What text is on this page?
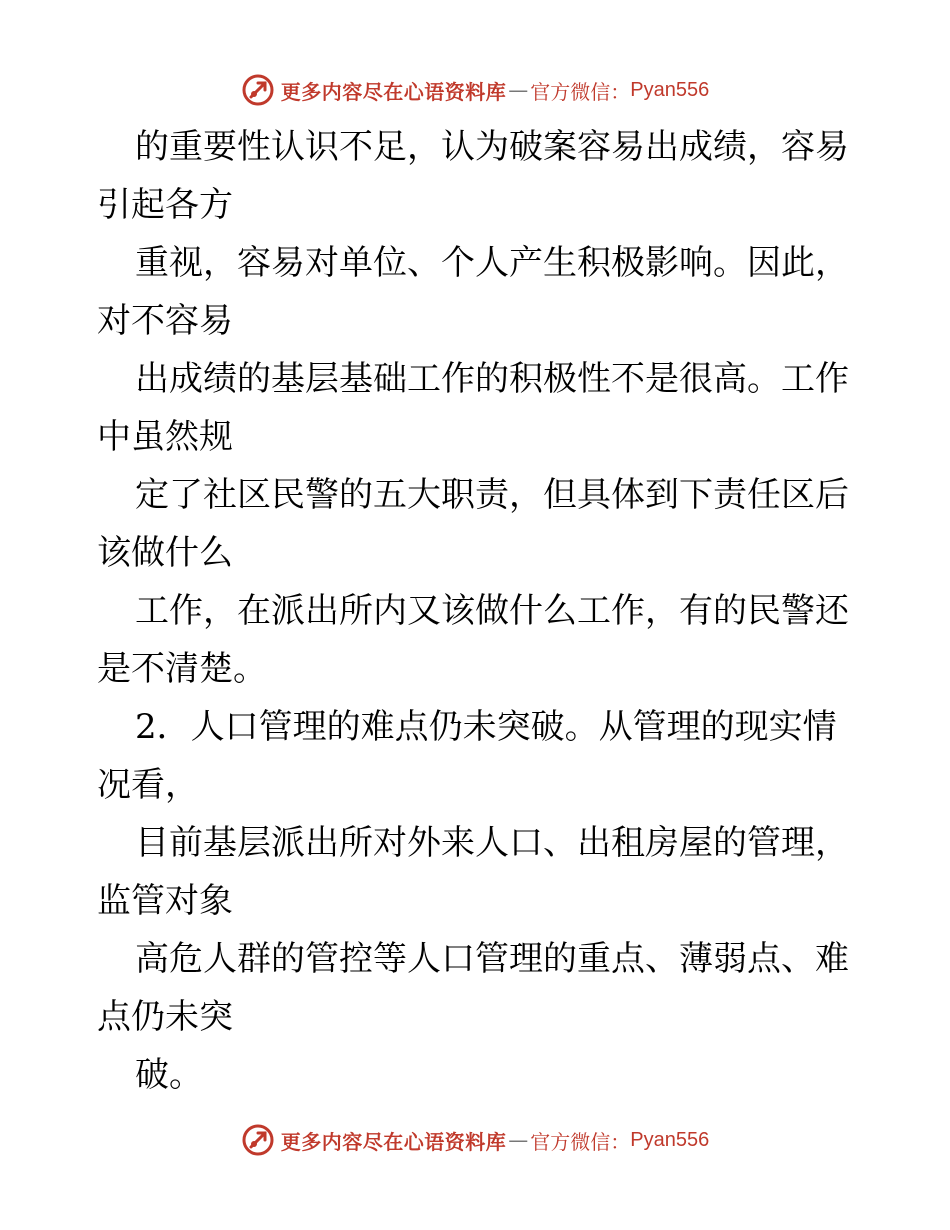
更多内容尽在心语资料库 — 官方微信： Pyan556
的重要性认识不足，认为破案容易出成绩，容易
引起各方
重视，容易对单位、个人产生积极影响。因此，
对不容易
出成绩的基层基础工作的积极性不是很高。工作
中虽然规
定了社区民警的五大职责，但具体到下责任区后
该做什么
工作，在派出所内又该做什么工作，有的民警还
是不清楚。
2．人口管理的难点仍未突破。从管理的现实情
况看，
目前基层派出所对外来人口、出租房屋的管理，
监管对象
高危人群的管控等人口管理的重点、薄弱点、难
点仍未突
破。
更多内容尽在心语资料库 — 官方微信： Pyan556
